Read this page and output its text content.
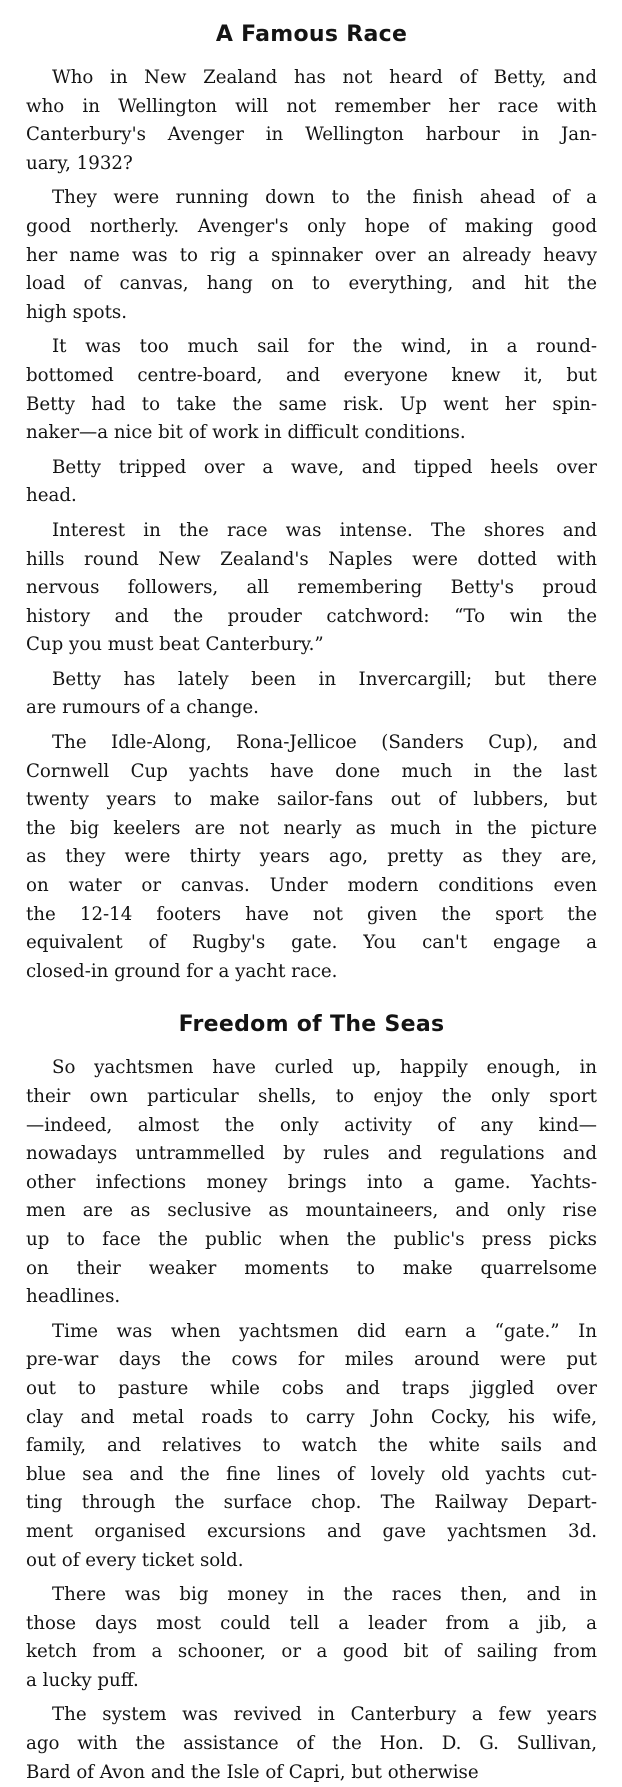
A Famous Race

Who in New Zealand has not heard of Betty, and
who in Wellington will not remember her race with
Canterbury's Avenger in Wellington harbour in Jan-
uary, 1932?

They were running down to the finish ahead of a
good northerly. Avenger's only hope of making good
her name was to rig a spinnaker over an already heavy
load of canvas, hang on to everything, and hit the
high spots.

It was too much sail for the wind, in a round-
bottomed centre-board, and everyone knew it, but
Betty had to take the same risk. Up went her spin-
naker—a nice bit of work in difficult conditions.

Betty tripped over a wave, and tipped heels over
head.

Interest in the race was intense. The shores and
hills round New Zealand's Naples were dotted with
nervous followers, all remembering Betty's proud
history and the prouder catchword: “To win the
Cup you must beat Canterbury.”

Betty has lately been in Invercargill; but there
are rumours of a change.

The Idle-Along, Rona-Jellicoe (Sanders Cup), and
Cornwell Cup yachts have done much in the last
twenty years to make sailor-fans out of lubbers, but
the big keelers are not nearly as much in the picture
as they were thirty years ago, pretty as they are,
on water or canvas. Under modern conditions even
the 12-14 footers have not given the sport the
equivalent of Rugby's gate. You can't engage a
closed-in ground for a yacht race.

Freedom of The Seas

So yachtsmen have curled up, happily enough, in
their own particular shells, to enjoy the only sport
—indeed, almost the only activity of any kind—
nowadays untrammelled by rules and regulations and
other infections money brings into a game. Yachts-
men are as seclusive as mountaineers, and only rise
up to face the public when the public's press picks
on their weaker moments to make quarrelsome
headlines.

Time was when yachtsmen did earn a “gate.” In
pre-war days the cows for miles around were put
out to pasture while cobs and traps jiggled over
clay and metal roads to carry John Cocky, his wife,
family, and relatives to watch the white sails and
blue sea and the fine lines of lovely old yachts cut-
ting through the surface chop. The Railway Depart-
ment organised excursions and gave yachtsmen 3d.
out of every ticket sold.

There was big money in the races then, and in
those days most could tell a leader from a jib, a
ketch from a schooner, or a good bit of sailing from
a lucky puff.

The system was revived in Canterbury a few years
ago with the assistance of the Hon. D. G. Sullivan,
Bard of Avon and the Isle of Capri, but otherwise
